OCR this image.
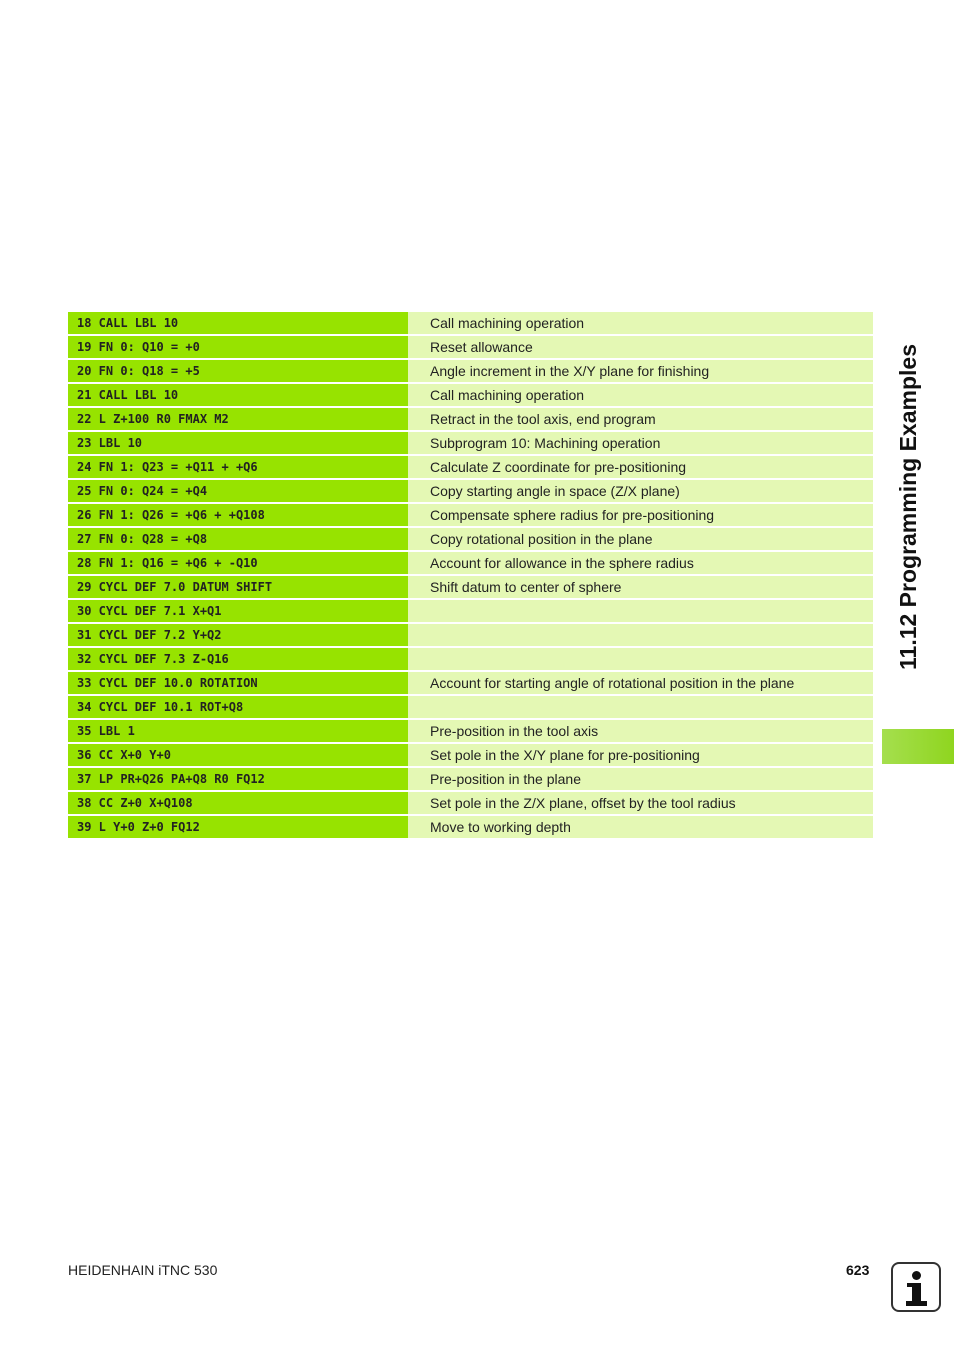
18 CALL LBL 10	Call machining operation
19 FN 0: Q10 = +0	Reset allowance
20 FN 0: Q18 = +5	Angle increment in the X/Y plane for finishing
21 CALL LBL 10	Call machining operation
22 L Z+100 R0 FMAX M2	Retract in the tool axis, end program
23 LBL 10	Subprogram 10: Machining operation
24 FN 1: Q23 = +Q11 + +Q6	Calculate Z coordinate for pre-positioning
25 FN 0: Q24 = +Q4	Copy starting angle in space (Z/X plane)
26 FN 1: Q26 = +Q6 + +Q108	Compensate sphere radius for pre-positioning
27 FN 0: Q28 = +Q8	Copy rotational position in the plane
28 FN 1: Q16 = +Q6 + -Q10	Account for allowance in the sphere radius
29 CYCL DEF 7.0 DATUM SHIFT	Shift datum to center of sphere
30 CYCL DEF 7.1 X+Q1
31 CYCL DEF 7.2 Y+Q2
32 CYCL DEF 7.3 Z-Q16
33 CYCL DEF 10.0 ROTATION	Account for starting angle of rotational position in the plane
34 CYCL DEF 10.1 ROT+Q8
35 LBL 1	Pre-position in the tool axis
36 CC X+0 Y+0	Set pole in the X/Y plane for pre-positioning
37 LP PR+Q26 PA+Q8 R0 FQ12	Pre-position in the plane
38 CC Z+0 X+Q108	Set pole in the Z/X plane, offset by the tool radius
39 L Y+0 Z+0 FQ12	Move to working depth
11.12 Programming Examples
HEIDENHAIN iTNC 530	623
